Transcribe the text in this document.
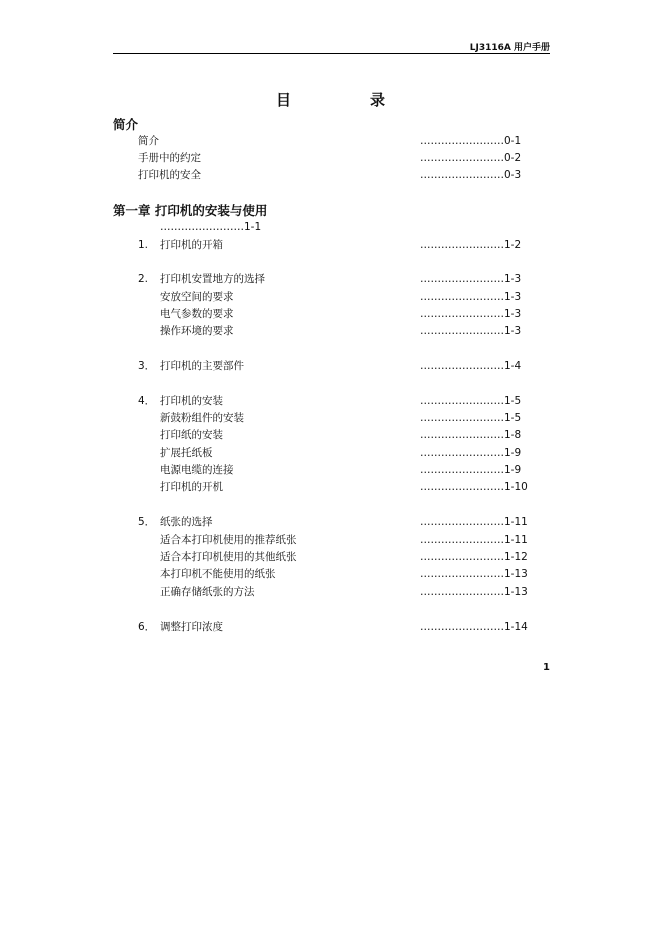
LJ3116A 用户手册
目	录
简介
简介	……………………0-1
手册中的约定	……………………0-2
打印机的安全	……………………0-3
第一章 打印机的安装与使用
……………………1-1
1. 打印机的开箱	……………………1-2
2. 打印机安置地方的选择	……………………1-3
安放空间的要求	……………………1-3
电气参数的要求	……………………1-3
操作环境的要求	……………………1-3
3． 打印机的主要部件	……………………1-4
4． 打印机的安装	……………………1-5
新鼓粉组件的安装	……………………1-5
打印纸的安装	……………………1-8
扩展托纸板	……………………1-9
电源电缆的连接	……………………1-9
打印机的开机	……………………1-10
5． 纸张的选择	……………………1-11
适合本打印机使用的推荐纸张	……………………1-11
适合本打印机使用的其他纸张	……………………1-12
本打印机不能使用的纸张	……………………1-13
正确存储纸张的方法	……………………1-13
6． 调整打印浓度	……………………1-14
1
